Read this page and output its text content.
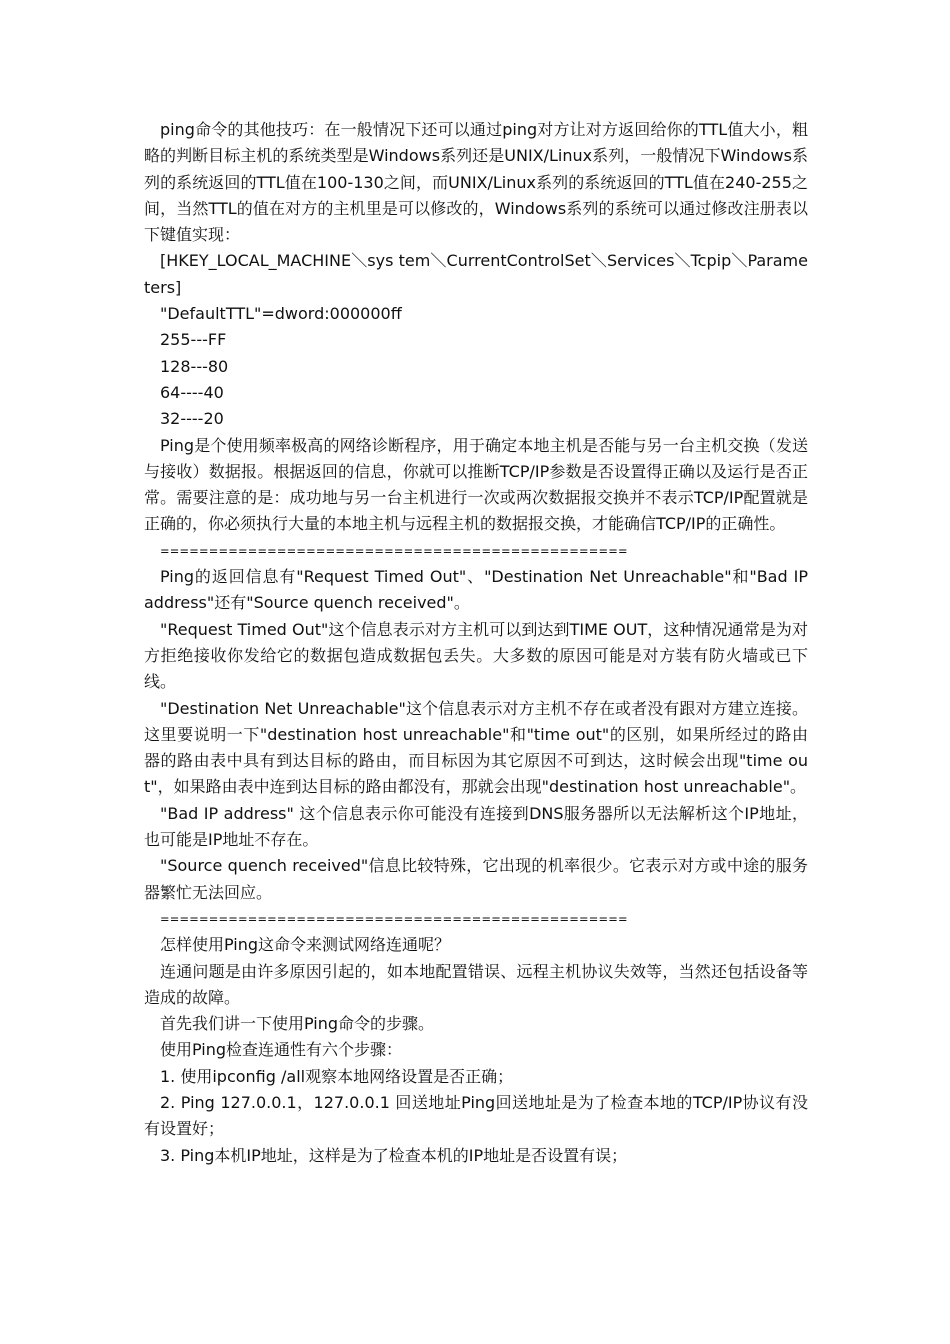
ping命令的其他技巧：在一般情况下还可以通过ping对方让对方返回给你的TTL值大小，粗略的判断目标主机的系统类型是Windows系列还是UNIX/Linux系列，一般情况下Windows系列的系统返回的TTL值在100-130之间，而UNIX/Linux系列的系统返回的TTL值在240-255之间，当然TTL的值在对方的主机里是可以修改的，Windows系列的系统可以通过修改注册表以下键值实现：

[HKEY_LOCAL_MACHINE＼sys tem＼CurrentControlSet＼Services＼Tcpip＼Parameters]

"DefaultTTL"=dword:000000ff

255---FF

128---80

64----40

32----20

Ping是个使用频率极高的网络诊断程序，用于确定本地主机是否能与另一台主机交换（发送与接收）数据报。根据返回的信息，你就可以推断TCP/IP参数是否设置得正确以及运行是否正常。需要注意的是：成功地与另一台主机进行一次或两次数据报交换并不表示TCP/IP配置就是正确的，你必须执行大量的本地主机与远程主机的数据报交换，才能确信TCP/IP的正确性。

================================================

Ping的返回信息有"Request Timed Out"、"Destination Net Unreachable"和"Bad IP address"还有"Source quench received"。

"Request Timed Out"这个信息表示对方主机可以到达到TIME OUT，这种情况通常是为对方拒绝接收你发给它的数据包造成数据包丢失。大多数的原因可能是对方装有防火墙或已下线。

"Destination Net Unreachable"这个信息表示对方主机不存在或者没有跟对方建立连接。这里要说明一下"destination host unreachable"和"time out"的区别，如果所经过的路由器的路由表中具有到达目标的路由，而目标因为其它原因不可到达，这时候会出现"time out"，如果路由表中连到达目标的路由都没有，那就会出现"destination host unreachable"。

"Bad IP address" 这个信息表示你可能没有连接到DNS服务器所以无法解析这个IP地址，也可能是IP地址不存在。

"Source quench received"信息比较特殊，它出现的机率很少。它表示对方或中途的服务器繁忙无法回应。

================================================

怎样使用Ping这命令来测试网络连通呢？

连通问题是由许多原因引起的，如本地配置错误、远程主机协议失效等，当然还包括设备等造成的故障。

首先我们讲一下使用Ping命令的步骤。

使用Ping检查连通性有六个步骤：

1. 使用ipconfig /all观察本地网络设置是否正确；

2. Ping 127.0.0.1，127.0.0.1 回送地址Ping回送地址是为了检查本地的TCP/IP协议有没有设置好；

3. Ping本机IP地址，这样是为了检查本机的IP地址是否设置有误；
